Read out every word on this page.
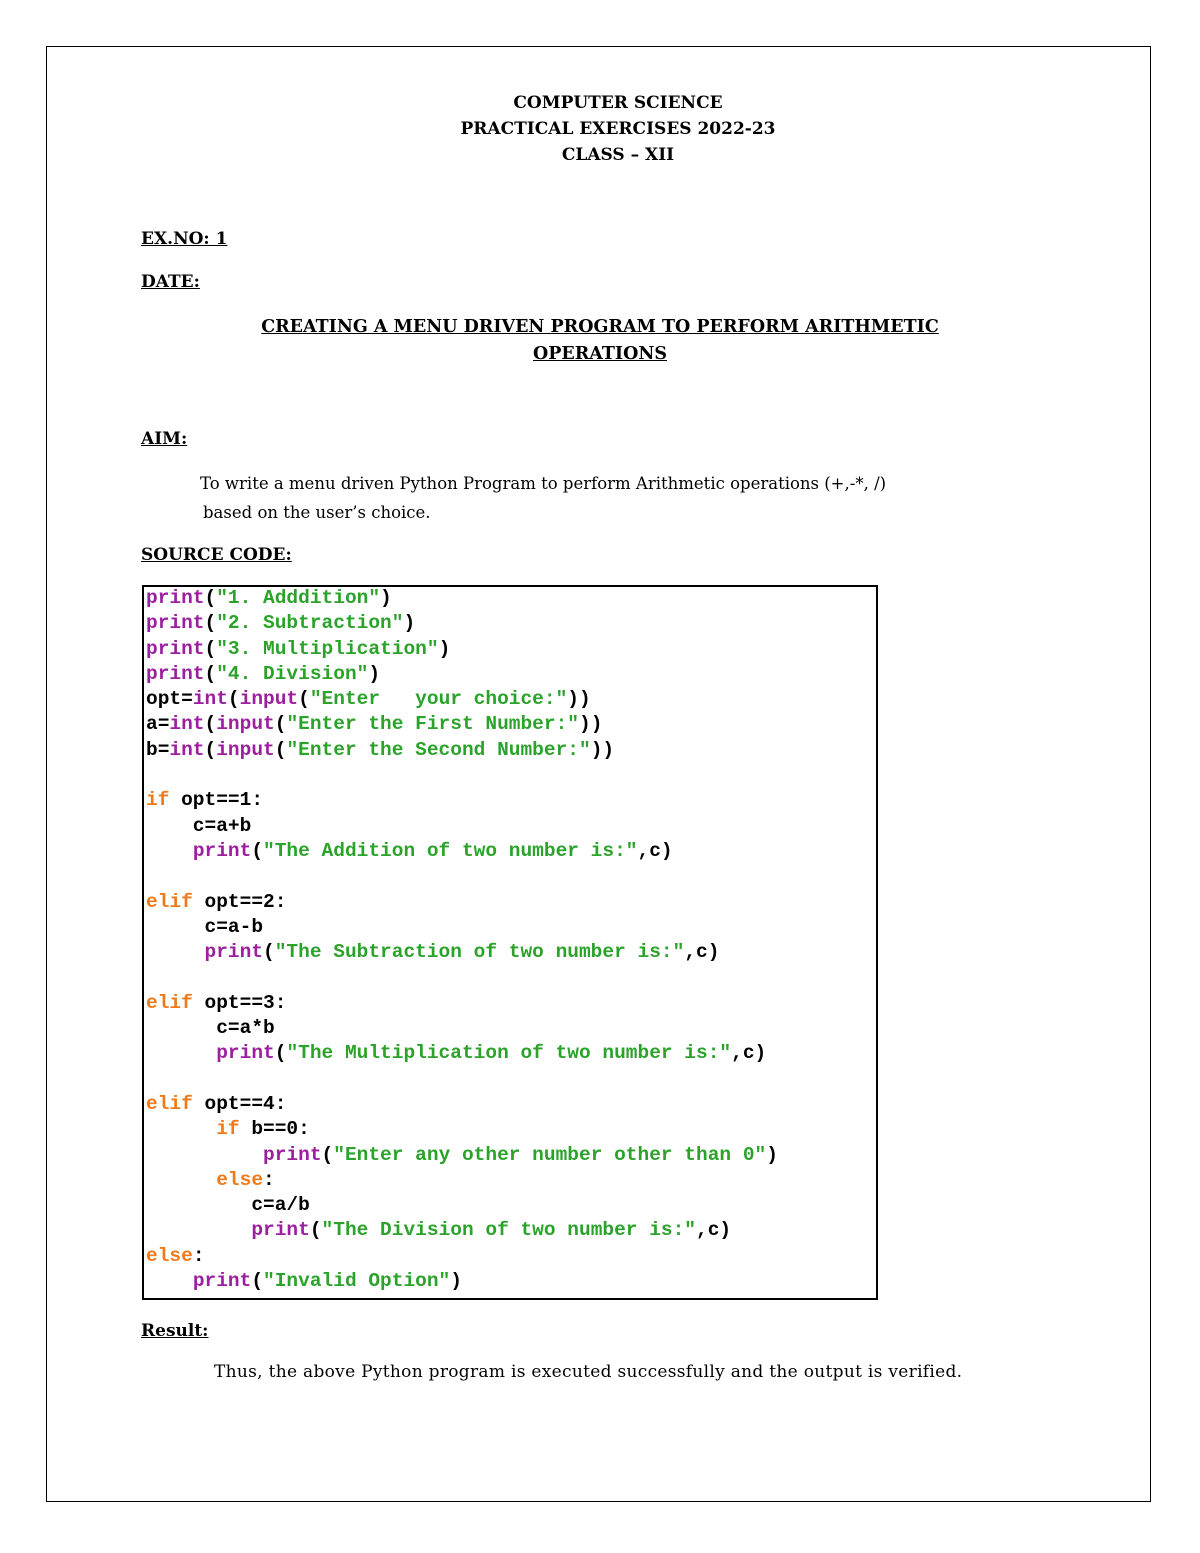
COMPUTER SCIENCE
PRACTICAL EXERCISES 2022-23
CLASS – XII
EX.NO: 1
DATE:
CREATING A MENU DRIVEN PROGRAM TO PERFORM ARITHMETIC
OPERATIONS
AIM:
To write a menu driven Python Program to perform Arithmetic operations (+,-*, /)
based on the user’s choice.
SOURCE CODE:
print("1. Adddition")
print("2. Subtraction")
print("3. Multiplication")
print("4. Division")
opt=int(input("Enter   your choice:"))
a=int(input("Enter the First Number:"))
b=int(input("Enter the Second Number:"))

if opt==1:
c=a+b
print("The Addition of two number is:",c)

elif opt==2:
c=a-b
print("The Subtraction of two number is:",c)

elif opt==3:
c=a*b
print("The Multiplication of two number is:",c)

elif opt==4:
if b==0:
print("Enter any other number other than 0")
else:
c=a/b
print("The Division of two number is:",c)
else:
print("Invalid Option")
Result:
Thus, the above Python program is executed successfully and the output is verified.
